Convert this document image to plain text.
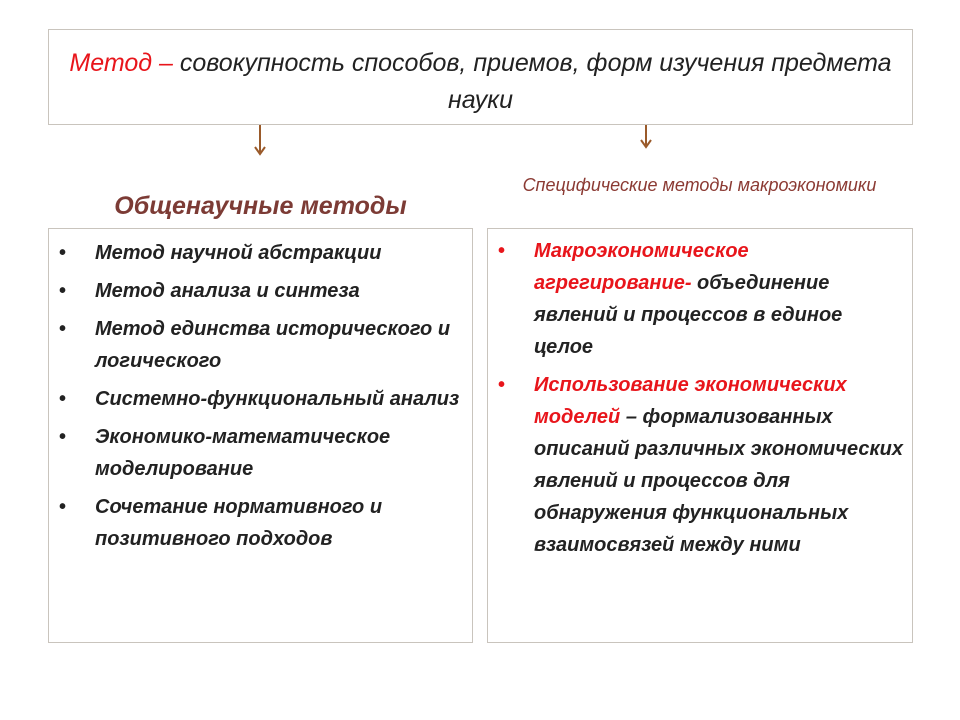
Метод – совокупность способов, приемов, форм изучения предмета науки
Общенаучные методы
Специфические методы макроэкономики
• Метод научной абстракции
• Метод анализа и синтеза
• Метод единства исторического и логического
• Системно-функциональный анализ
• Экономико-математическое моделирование
• Сочетание нормативного и позитивного подходов
• Макроэкономическое агрегирование- объединение явлений и процессов в единое целое
• Использование экономических моделей – формализованных описаний различных экономических явлений и процессов для обнаружения функциональных взаимосвязей между ними
